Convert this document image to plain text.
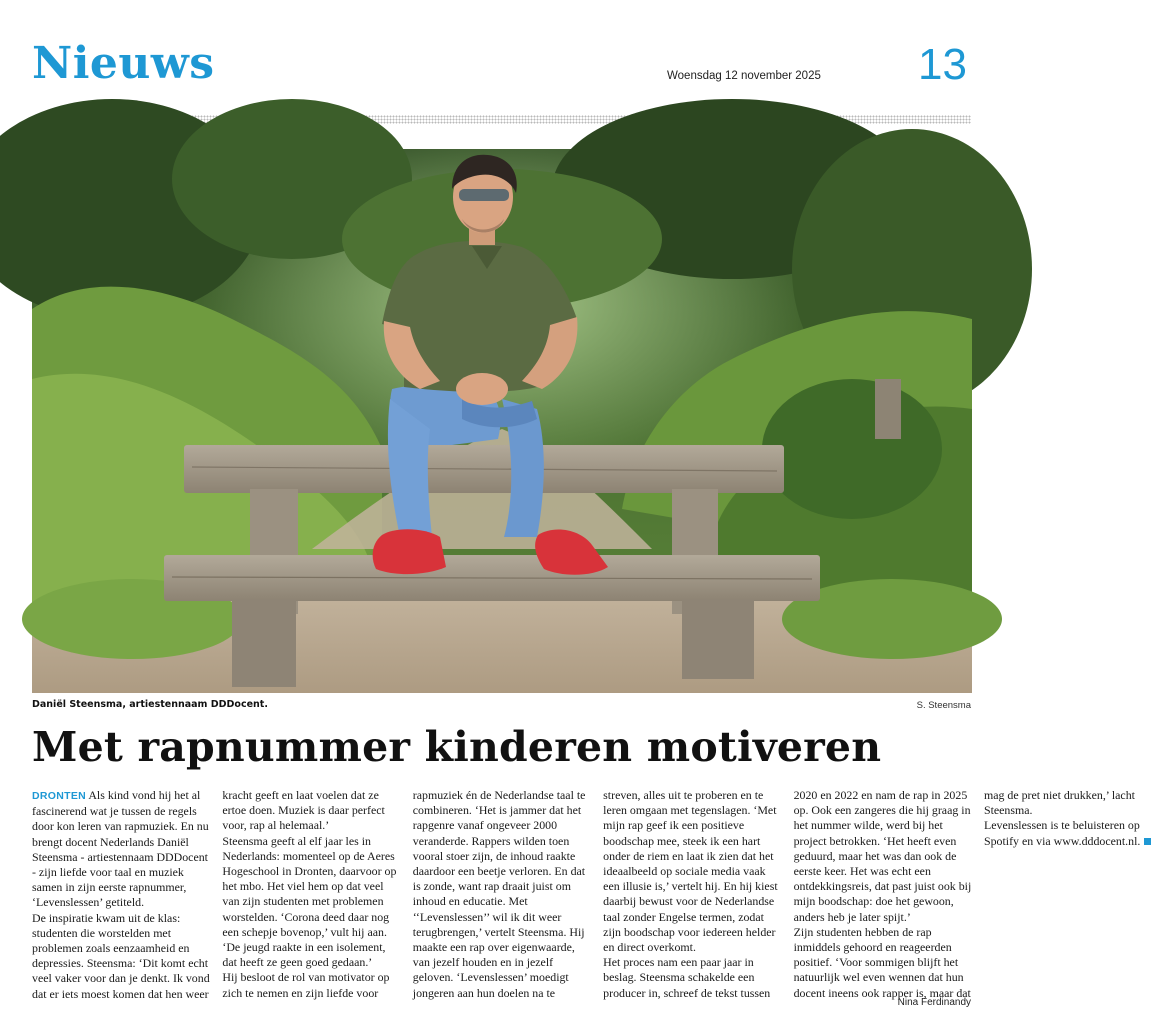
Nieuws	Woensdag 12 november 2025 13
Daniël Steensma, artiestennaam DDDocent.	S. Steensma
Met rapnummer kinderen motiveren

DRONTEN Als kind vond hij het al fascinerend wat je tussen de regels door kon leren van rapmuziek. En nu brengt docent Nederlands Daniël Steensma - artiestennaam DDDocent - zijn liefde voor taal en muziek samen in zijn eerste rapnummer, ‘Levenslessen’ getiteld.

De inspiratie kwam uit de klas: studenten die worstelden met problemen zoals eenzaamheid en depressies. Steensma: ‘Dit komt echt veel vaker voor dan je denkt. Ik vond dat er iets moest komen dat hen weer kracht geeft en laat voelen dat ze ertoe doen. Muziek is daar perfect voor, rap al helemaal.’

Steensma geeft al elf jaar les in Nederlands: momenteel op de Aeres Hogeschool in Dronten, daarvoor op het mbo. Het viel hem op dat veel van zijn studenten met problemen worstelden. ‘Corona deed daar nog een schepje bovenop,’ vult hij aan. ‘De jeugd raakte in een isolement, dat heeft ze geen goed gedaan.’

Hij besloot de rol van motivator op zich te nemen en zijn liefde voor rapmuziek én de Nederlandse taal te combineren. ‘Het is jammer dat het rapgenre vanaf ongeveer 2000 veranderde. Rappers wilden toen vooral stoer zijn, de inhoud raakte daardoor een beetje verloren. En dat is zonde, want rap draait juist om inhoud en educatie. Met ‘‘Levenslessen’’ wil ik dit weer terugbrengen,’ vertelt Steensma. Hij maakte een rap over eigenwaarde, van jezelf houden en in jezelf geloven. ‘Levenslessen’ moedigt jongeren aan hun doelen na te streven, alles uit te proberen en te leren omgaan met tegenslagen. ‘Met mijn rap geef ik een positieve boodschap mee, steek ik een hart onder de riem en laat ik zien dat het ideaalbeeld op sociale media vaak een illusie is,’ vertelt hij. En hij kiest daarbij bewust voor de Nederlandse taal zonder Engelse termen, zodat zijn boodschap voor iedereen helder en direct overkomt.

Het proces nam een paar jaar in beslag. Steensma schakelde een producer in, schreef de tekst tussen 2020 en 2022 en nam de rap in 2025 op. Ook een zangeres die hij graag in het nummer wilde, werd bij het project betrokken. ‘Het heeft even geduurd, maar het was dan ook de eerste keer. Het was echt een ontdekkingsreis, dat past juist ook bij mijn boodschap: doe het gewoon, anders heb je later spijt.’

Zijn studenten hebben de rap inmiddels gehoord en reageerden positief. ‘Voor sommigen blijft het natuurlijk wel even wennen dat hun docent ineens ook rapper is, maar dat mag de pret niet drukken,’ lacht Steensma.

Levenslessen is te beluisteren op Spotify en via www.dddocent.nl.

Nina Ferdinandy
